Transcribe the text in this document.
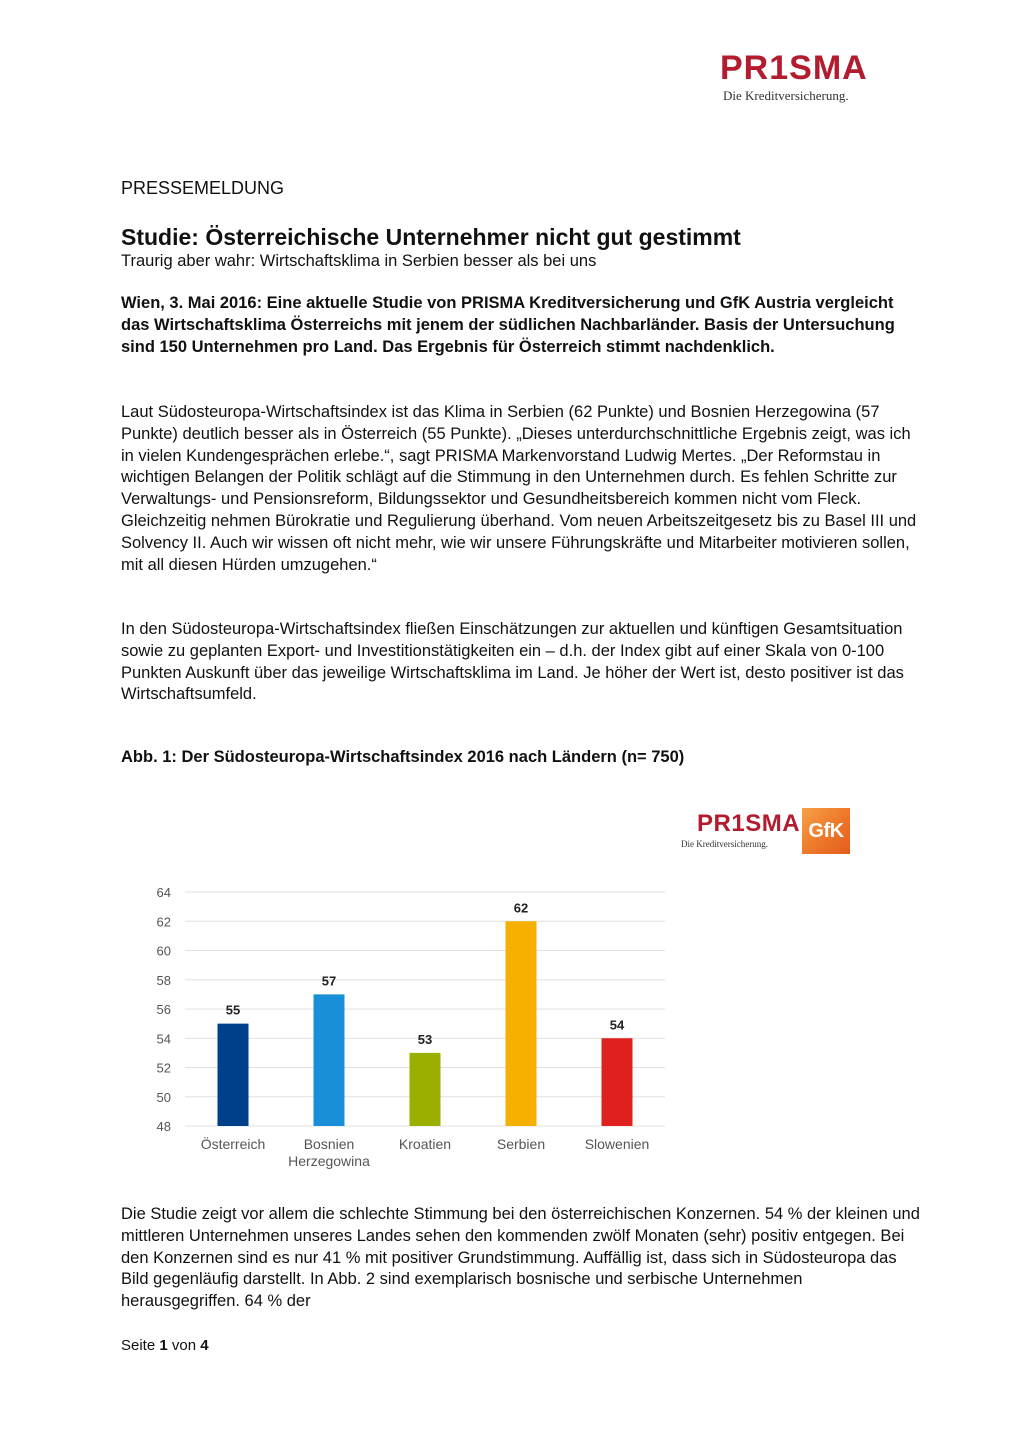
PR1SMA
Die Kreditversicherung.
PRESSEMELDUNG
Studie: Österreichische Unternehmer nicht gut gestimmt
Traurig aber wahr: Wirtschaftsklima in Serbien besser als bei uns
Wien, 3. Mai 2016: Eine aktuelle Studie von PRISMA Kreditversicherung und GfK Austria vergleicht das Wirtschaftsklima Österreichs mit jenem der südlichen Nachbarländer. Basis der Untersuchung sind 150 Unternehmen pro Land. Das Ergebnis für Österreich stimmt nachdenklich.
Laut Südosteuropa-Wirtschaftsindex ist das Klima in Serbien (62 Punkte) und Bosnien Herzegowina (57 Punkte) deutlich besser als in Österreich (55 Punkte). „Dieses unterdurchschnittliche Ergebnis zeigt, was ich in vielen Kundengesprächen erlebe.“, sagt PRISMA Markenvorstand Ludwig Mertes. „Der Reformstau in wichtigen Belangen der Politik schlägt auf die Stimmung in den Unternehmen durch. Es fehlen Schritte zur Verwaltungs- und Pensionsreform, Bildungssektor und Gesundheitsbereich kommen nicht vom Fleck. Gleichzeitig nehmen Bürokratie und Regulierung überhand. Vom neuen Arbeitszeitgesetz bis zu Basel III und Solvency II. Auch wir wissen oft nicht mehr, wie wir unsere Führungskräfte und Mitarbeiter motivieren sollen, mit all diesen Hürden umzugehen.“
In den Südosteuropa-Wirtschaftsindex fließen Einschätzungen zur aktuellen und künftigen Gesamtsituation sowie zu geplanten Export- und Investitionstätigkeiten ein – d.h. der Index gibt auf einer Skala von 0-100 Punkten Auskunft über das jeweilige Wirtschaftsklima im Land. Je höher der Wert ist, desto positiver ist das Wirtschaftsumfeld.
Abb. 1: Der Südosteuropa-Wirtschaftsindex 2016 nach Ländern (n= 750)
PR1SMA
Die Kreditversicherung.
GfK
48
50
52
54
56
58
60
62
64
55
Österreich
57
Bosnien
Herzegowina
53
Kroatien
62
Serbien
54
Slowenien
Die Studie zeigt vor allem die schlechte Stimmung bei den österreichischen Konzernen. 54 % der kleinen und mittleren Unternehmen unseres Landes sehen den kommenden zwölf Monaten (sehr) positiv entgegen. Bei den Konzernen sind es nur 41 % mit positiver Grundstimmung. Auffällig ist, dass sich in Südosteuropa das Bild gegenläufig darstellt. In Abb. 2 sind exemplarisch bosnische und serbische Unternehmen herausgegriffen. 64 % der
Seite 1 von 4
